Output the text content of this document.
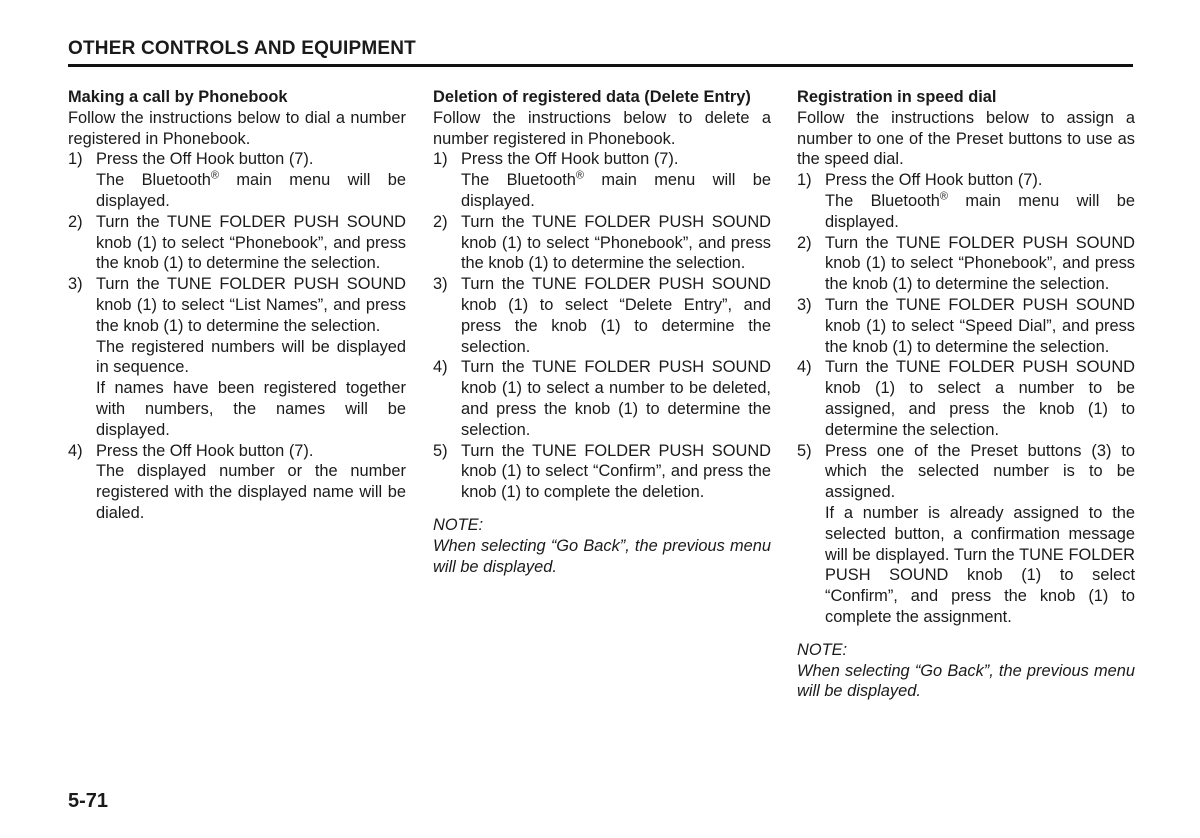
OTHER CONTROLS AND EQUIPMENT
Making a call by Phonebook

Follow the instructions below to dial a number registered in Phonebook.

1) Press the Off Hook button (7).

The Bluetooth® main menu will be displayed.

2) Turn the TUNE FOLDER PUSH SOUND knob (1) to select “Phonebook”, and press the knob (1) to determine the selection.

3) Turn the TUNE FOLDER PUSH SOUND knob (1) to select “List Names”, and press the knob (1) to determine the selection.

The registered numbers will be displayed in sequence.

If names have been registered together with numbers, the names will be displayed.

4) Press the Off Hook button (7).

The displayed number or the number registered with the displayed name will be dialed.

Deletion of registered data (Delete Entry)

Follow the instructions below to delete a number registered in Phonebook.

1) Press the Off Hook button (7).

The Bluetooth® main menu will be displayed.

2) Turn the TUNE FOLDER PUSH SOUND knob (1) to select “Phonebook”, and press the knob (1) to determine the selection.

3) Turn the TUNE FOLDER PUSH SOUND knob (1) to select “Delete Entry”, and press the knob (1) to determine the selection.

4) Turn the TUNE FOLDER PUSH SOUND knob (1) to select a number to be deleted, and press the knob (1) to determine the selection.

5) Turn the TUNE FOLDER PUSH SOUND knob (1) to select “Confirm”, and press the knob (1) to complete the deletion.

NOTE:

When selecting “Go Back”, the previous menu will be displayed.

Registration in speed dial

Follow the instructions below to assign a number to one of the Preset buttons to use as the speed dial.

1) Press the Off Hook button (7).

The Bluetooth® main menu will be displayed.

2) Turn the TUNE FOLDER PUSH SOUND knob (1) to select “Phonebook”, and press the knob (1) to determine the selection.

3) Turn the TUNE FOLDER PUSH SOUND knob (1) to select “Speed Dial”, and press the knob (1) to determine the selection.

4) Turn the TUNE FOLDER PUSH SOUND knob (1) to select a number to be assigned, and press the knob (1) to determine the selection.

5) Press one of the Preset buttons (3) to which the selected number is to be assigned.

If a number is already assigned to the selected button, a confirmation message will be displayed. Turn the TUNE FOLDER PUSH SOUND knob (1) to select “Confirm”, and press the knob (1) to complete the assignment.

NOTE:

When selecting “Go Back”, the previous menu will be displayed.

5-71
